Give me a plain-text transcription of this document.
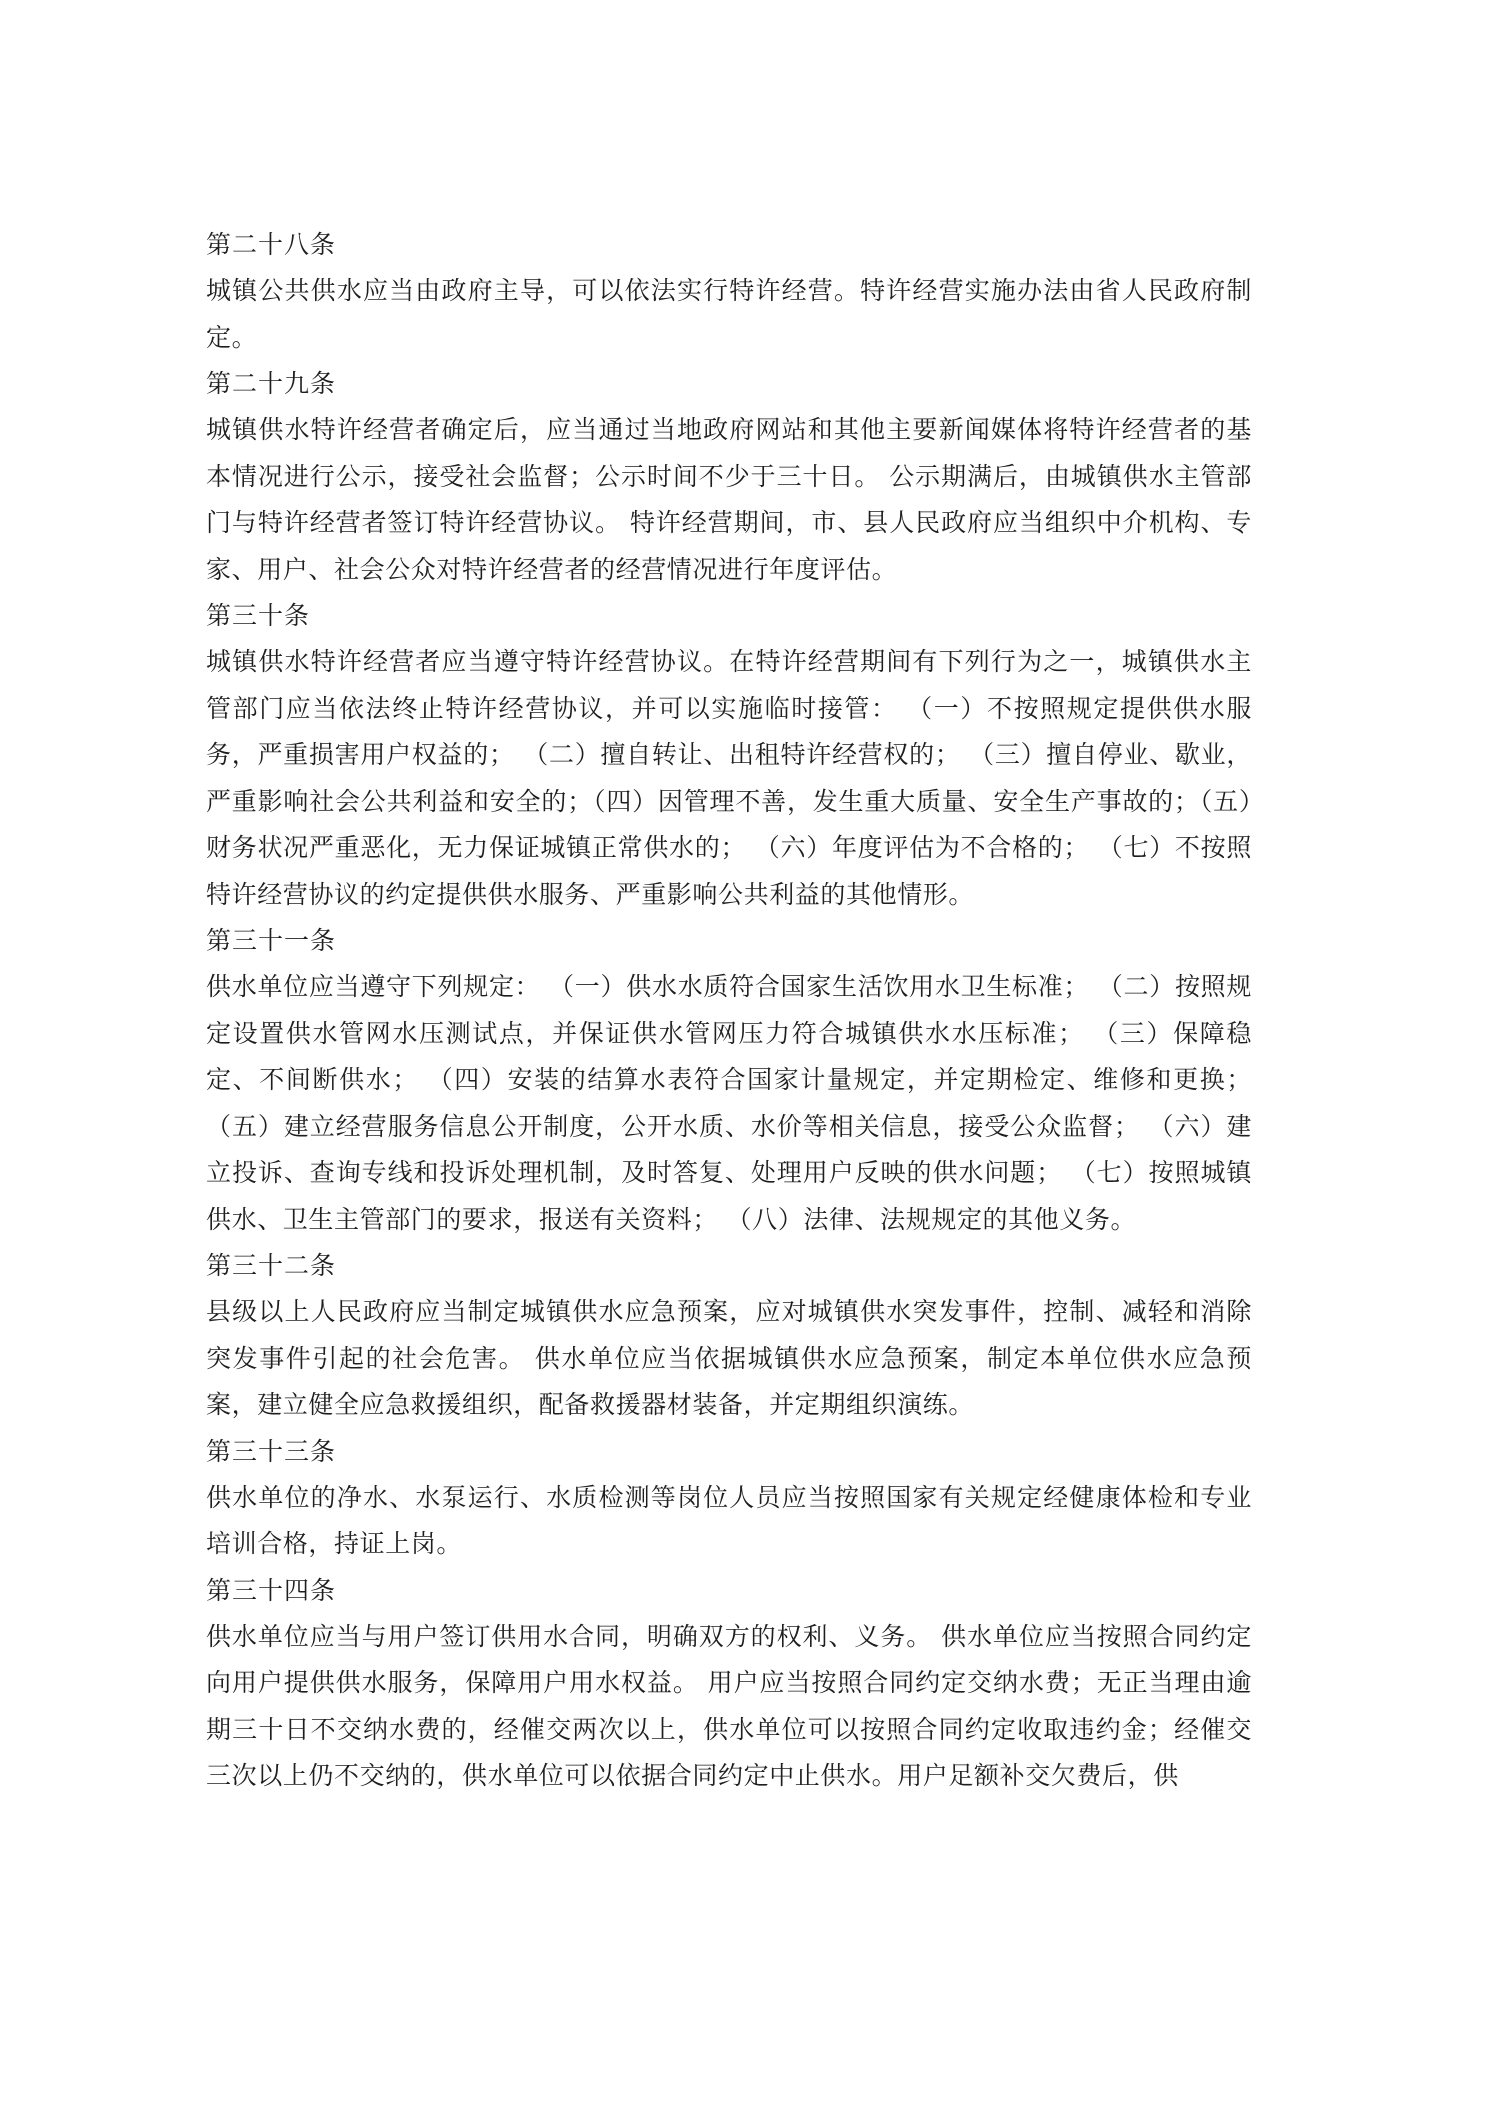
第二十八条

城镇公共供水应当由政府主导，可以依法实行特许经营。特许经营实施办法由省人民政府制定。

第二十九条

城镇供水特许经营者确定后，应当通过当地政府网站和其他主要新闻媒体将特许经营者的基本情况进行公示，接受社会监督；公示时间不少于三十日。 公示期满后，由城镇供水主管部门与特许经营者签订特许经营协议。 特许经营期间，市、县人民政府应当组织中介机构、专家、用户、社会公众对特许经营者的经营情况进行年度评估。

第三十条

城镇供水特许经营者应当遵守特许经营协议。在特许经营期间有下列行为之一，城镇供水主管部门应当依法终止特许经营协议，并可以实施临时接管： （一）不按照规定提供供水服务，严重损害用户权益的； （二）擅自转让、出租特许经营权的； （三）擅自停业、歇业，严重影响社会公共利益和安全的；（四）因管理不善，发生重大质量、安全生产事故的；（五）财务状况严重恶化，无力保证城镇正常供水的； （六）年度评估为不合格的； （七）不按照特许经营协议的约定提供供水服务、严重影响公共利益的其他情形。

第三十一条

供水单位应当遵守下列规定： （一）供水水质符合国家生活饮用水卫生标准； （二）按照规定设置供水管网水压测试点，并保证供水管网压力符合城镇供水水压标准； （三）保障稳定、不间断供水； （四）安装的结算水表符合国家计量规定，并定期检定、维修和更换；（五）建立经营服务信息公开制度，公开水质、水价等相关信息，接受公众监督； （六）建立投诉、查询专线和投诉处理机制，及时答复、处理用户反映的供水问题； （七）按照城镇供水、卫生主管部门的要求，报送有关资料； （八）法律、法规规定的其他义务。

第三十二条

县级以上人民政府应当制定城镇供水应急预案，应对城镇供水突发事件，控制、减轻和消除突发事件引起的社会危害。 供水单位应当依据城镇供水应急预案，制定本单位供水应急预案，建立健全应急救援组织，配备救援器材装备，并定期组织演练。

第三十三条

供水单位的净水、水泵运行、水质检测等岗位人员应当按照国家有关规定经健康体检和专业培训合格，持证上岗。

第三十四条

供水单位应当与用户签订供用水合同，明确双方的权利、义务。 供水单位应当按照合同约定向用户提供供水服务，保障用户用水权益。 用户应当按照合同约定交纳水费；无正当理由逾期三十日不交纳水费的，经催交两次以上，供水单位可以按照合同约定收取违约金；经催交三次以上仍不交纳的，供水单位可以依据合同约定中止供水。用户足额补交欠费后，供
